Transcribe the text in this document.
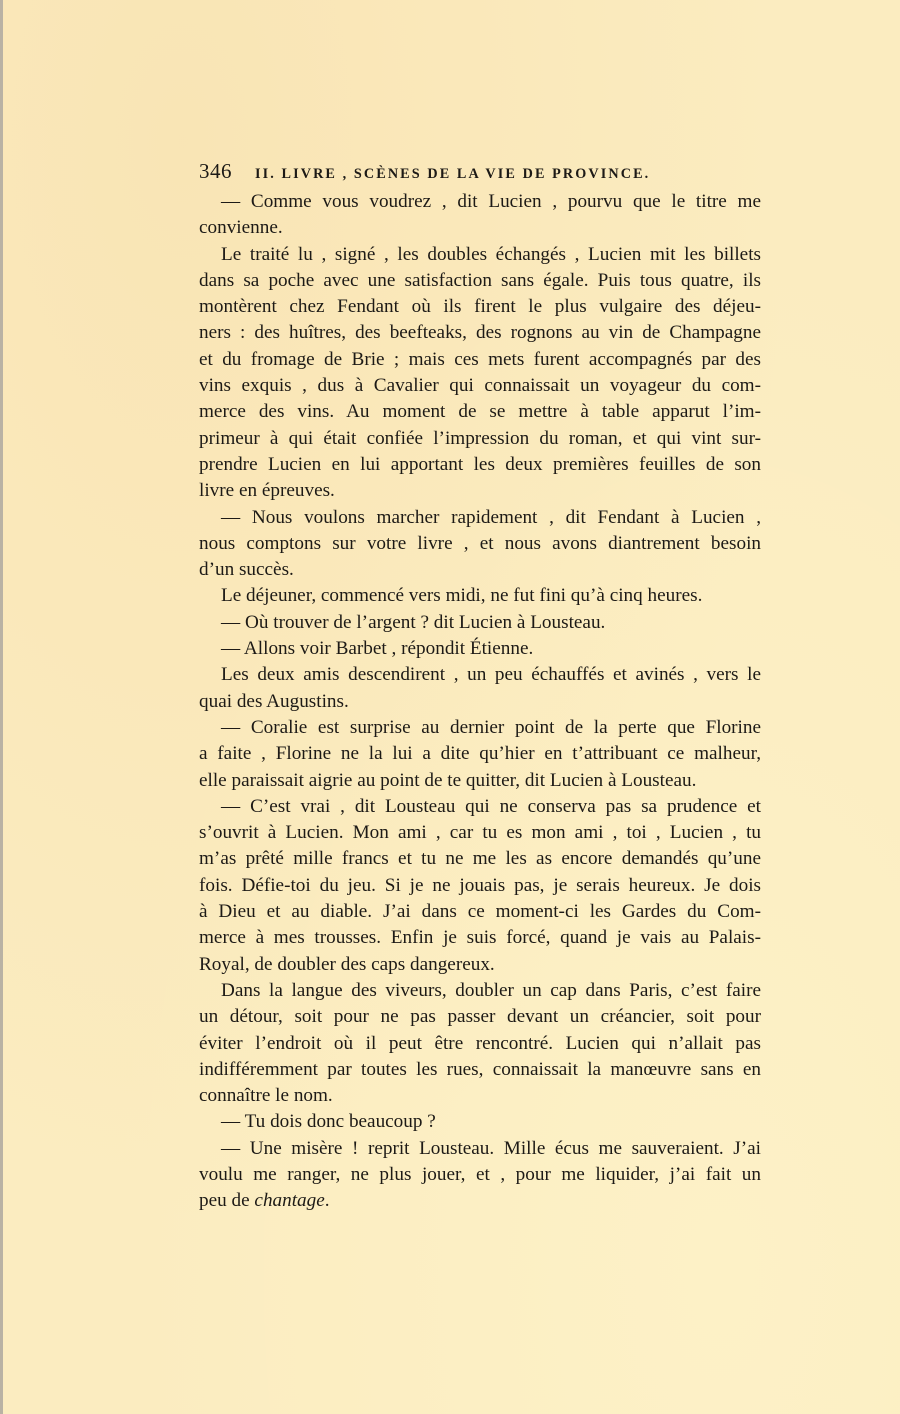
346	II. LIVRE , SCÈNES DE LA VIE DE PROVINCE.

— Comme vous voudrez , dit Lucien , pourvu que le titre me
convienne.

Le traité lu , signé , les doubles échangés , Lucien mit les billets
dans sa poche avec une satisfaction sans égale. Puis tous quatre, ils
montèrent chez Fendant où ils firent le plus vulgaire des déjeu-
ners : des huîtres, des beefteaks, des rognons au vin de Champagne
et du fromage de Brie ; mais ces mets furent accompagnés par des
vins exquis , dus à Cavalier qui connaissait un voyageur du com-
merce des vins. Au moment de se mettre à table apparut l’im-
primeur à qui était confiée l’impression du roman, et qui vint sur-
prendre Lucien en lui apportant les deux premières feuilles de son
livre en épreuves.

— Nous voulons marcher rapidement , dit Fendant à Lucien ,
nous comptons sur votre livre , et nous avons diantrement besoin
d’un succès.

Le déjeuner, commencé vers midi, ne fut fini qu’à cinq heures.

— Où trouver de l’argent ? dit Lucien à Lousteau.

— Allons voir Barbet , répondit Étienne.

Les deux amis descendirent , un peu échauffés et avinés , vers le
quai des Augustins.

— Coralie est surprise au dernier point de la perte que Florine
a faite , Florine ne la lui a dite qu’hier en t’attribuant ce malheur,
elle paraissait aigrie au point de te quitter, dit Lucien à Lousteau.

— C’est vrai , dit Lousteau qui ne conserva pas sa prudence et
s’ouvrit à Lucien. Mon ami , car tu es mon ami , toi , Lucien , tu
m’as prêté mille francs et tu ne me les as encore demandés qu’une
fois. Défie-toi du jeu. Si je ne jouais pas, je serais heureux. Je dois
à Dieu et au diable. J’ai dans ce moment-ci les Gardes du Com-
merce à mes trousses. Enfin je suis forcé, quand je vais au Palais-
Royal, de doubler des caps dangereux.

Dans la langue des viveurs, doubler un cap dans Paris, c’est faire
un détour, soit pour ne pas passer devant un créancier, soit pour
éviter l’endroit où il peut être rencontré. Lucien qui n’allait pas
indifféremment par toutes les rues, connaissait la manœuvre sans en
connaître le nom.

— Tu dois donc beaucoup ?

— Une misère ! reprit Lousteau. Mille écus me sauveraient. J’ai
voulu me ranger, ne plus jouer, et , pour me liquider, j’ai fait un
peu de chantage.
